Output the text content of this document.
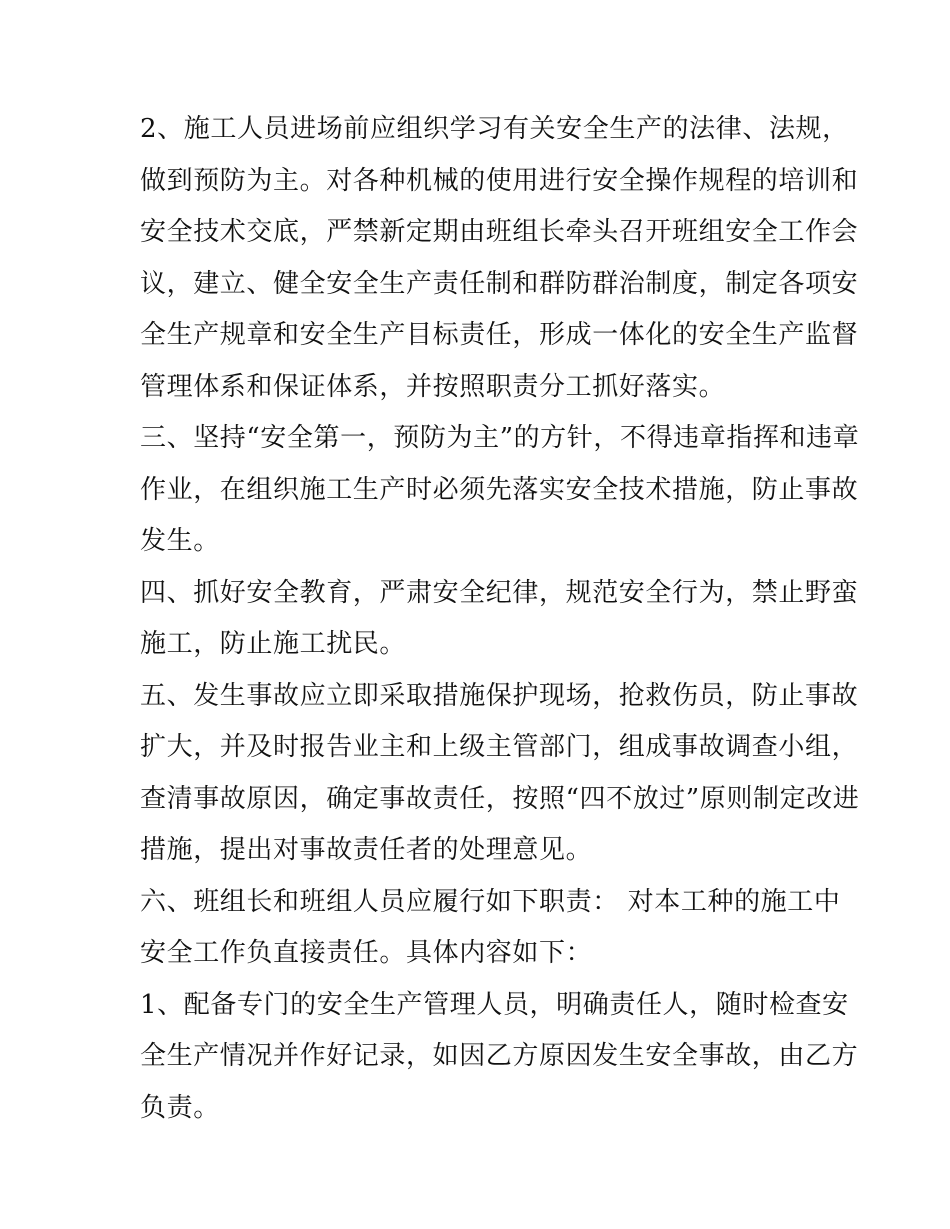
2、施工人员进场前应组织学习有关安全生产的法律、法规，
做到预防为主。对各种机械的使用进行安全操作规程的培训和
安全技术交底，严禁新定期由班组长牵头召开班组安全工作会
议，建立、健全安全生产责任制和群防群治制度，制定各项安
全生产规章和安全生产目标责任，形成一体化的安全生产监督
管理体系和保证体系，并按照职责分工抓好落实。
三、坚持“安全第一，预防为主”的方针，不得违章指挥和违章
作业，在组织施工生产时必须先落实安全技术措施，防止事故
发生。
四、抓好安全教育，严肃安全纪律，规范安全行为，禁止野蛮
施工，防止施工扰民。
五、发生事故应立即采取措施保护现场，抢救伤员，防止事故
扩大，并及时报告业主和上级主管部门，组成事故调查小组，
查清事故原因，确定事故责任，按照“四不放过”原则制定改进
措施，提出对事故责任者的处理意见。
六、班组长和班组人员应履行如下职责： 对本工种的施工中
安全工作负直接责任。具体内容如下：
1、配备专门的安全生产管理人员，明确责任人，随时检查安
全生产情况并作好记录，如因乙方原因发生安全事故，由乙方
负责。
